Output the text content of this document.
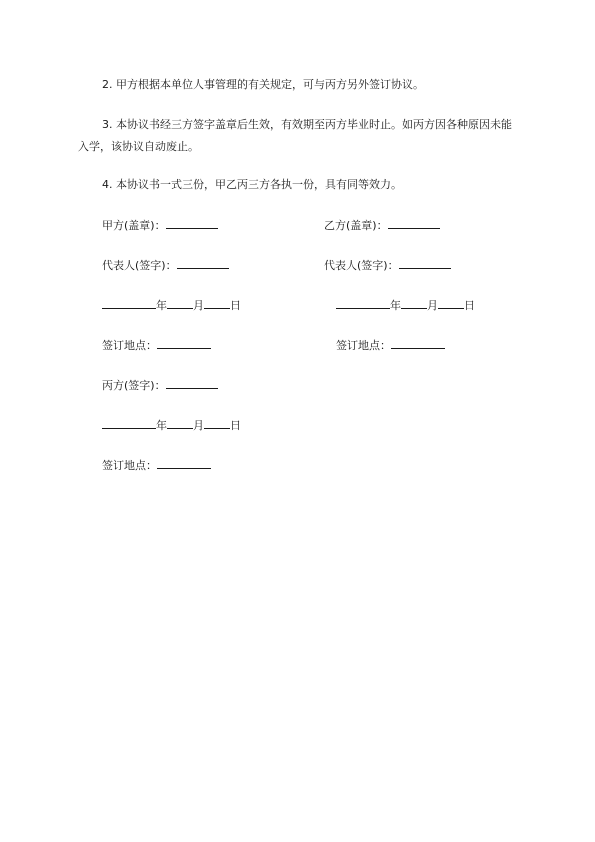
2. 甲方根据本单位人事管理的有关规定，可与丙方另外签订协议。

3. 本协议书经三方签字盖章后生效，有效期至丙方毕业时止。如丙方因各种原因未能入学，该协议自动废止。

4. 本协议书一式三份，甲乙丙三方各执一份，具有同等效力。

甲方(盖章)：
代表人(签字)：
年 月 日
签订地点：
乙方(盖章)：
代表人(签字)：
年 月 日
签订地点：
丙方(签字)：
年 月 日
签订地点：
